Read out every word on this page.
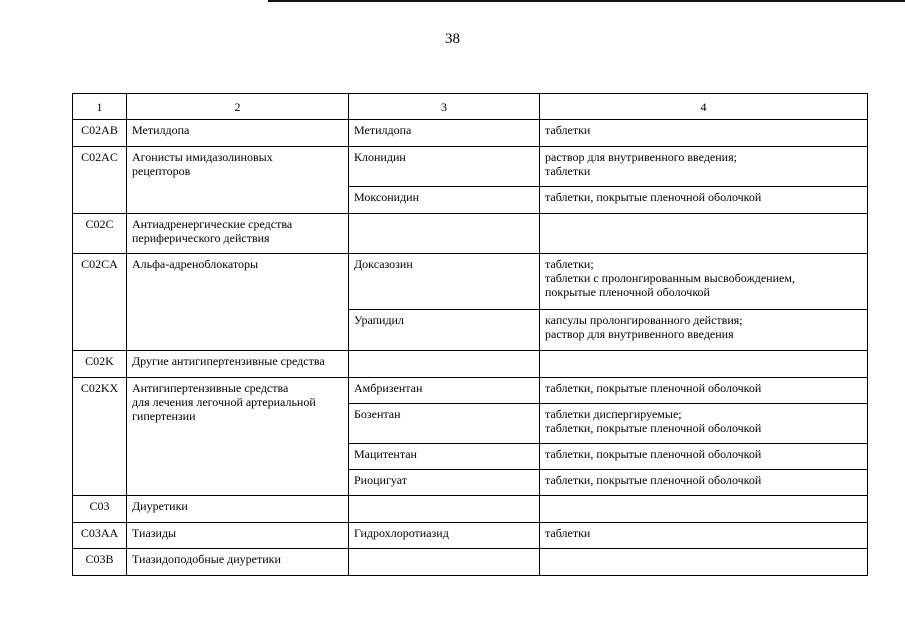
38
1	2	3	4

C02AB	Метилдопа	Метилдопа	таблетки

C02AC	Агонисты имидазолиновых
рецепторов	Клонидин	раствор для внутривенного введения;
таблетки

		Моксонидин	таблетки, покрытые пленочной оболочкой

C02C	Антиадренергические средства
периферического действия		

C02CA	Альфа-адреноблокаторы	Доксазозин	таблетки;
таблетки с пролонгированным высвобождением,
покрытые пленочной оболочкой

		Урапидил	капсулы пролонгированного действия;
раствор для внутривенного введения

C02K	Другие антигипертензивные средства		

C02KX	Антигипертензивные средства
для лечения легочной артериальной
гипертензии	Амбризентан	таблетки, покрытые пленочной оболочкой

		Бозентан	таблетки диспергируемые;
таблетки, покрытые пленочной оболочкой

		Мацитентан	таблетки, покрытые пленочной оболочкой

		Риоцигуат	таблетки, покрытые пленочной оболочкой

C03	Диуретики		

C03AA	Тиазиды	Гидрохлоротиазид	таблетки

C03B	Тиазидоподобные диуретики		
